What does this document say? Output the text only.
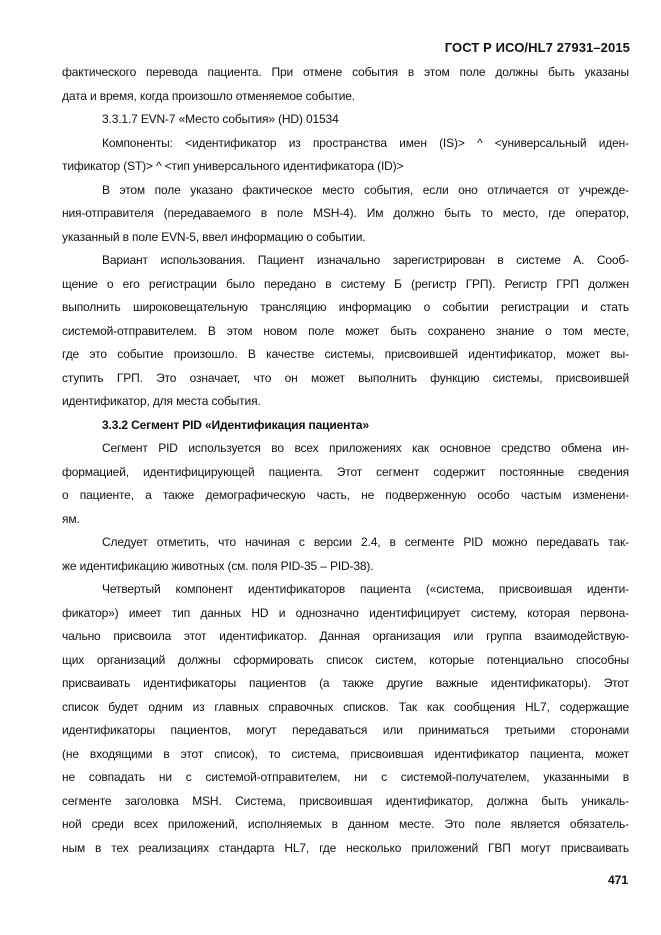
ГОСТ Р ИСО/HL7 27931–2015

фактического перевода пациента. При отмене события в этом поле должны быть указаны

дата и время, когда произошло отменяемое событие.

3.3.1.7 EVN-7 «Место события» (HD) 01534

Компоненты: <идентификатор из пространства имен (IS)> ^ <универсальный иден-

тификатор (ST)> ^ <тип универсального идентификатора (ID)>

В этом поле указано фактическое место события, если оно отличается от учрежде-

ния-отправителя (передаваемого в поле MSH-4). Им должно быть то место, где оператор,

указанный в поле EVN-5, ввел информацию о событии.

Вариант использования. Пациент изначально зарегистрирован в системе А. Сооб-

щение о его регистрации было передано в систему Б (регистр ГРП). Регистр ГРП должен

выполнить широковещательную трансляцию информацию о событии регистрации и стать

системой-отправителем. В этом новом поле может быть сохранено знание о том месте,

где это событие произошло. В качестве системы, присвоившей идентификатор, может вы-

ступить ГРП. Это означает, что он может выполнить функцию системы, присвоившей

идентификатор, для места события.

3.3.2 Сегмент PID «Идентификация пациента»

Сегмент PID используется во всех приложениях как основное средство обмена ин-

формацией, идентифицирующей пациента. Этот сегмент содержит постоянные сведения

о пациенте, а также демографическую часть, не подверженную особо частым изменени-

ям.

Следует отметить, что начиная с версии 2.4, в сегменте PID можно передавать так-

же идентификацию животных (см. поля PID-35 – PID-38).

Четвертый компонент идентификаторов пациента («система, присвоившая иденти-

фикатор») имеет тип данных HD и однозначно идентифицирует систему, которая первона-

чально присвоила этот идентификатор. Данная организация или группа взаимодействую-

щих организаций должны сформировать список систем, которые потенциально способны

присваивать идентификаторы пациентов (а также другие важные идентификаторы). Этот

список будет одним из главных справочных списков. Так как сообщения HL7, содержащие

идентификаторы пациентов, могут передаваться или приниматься третьими сторонами

(не входящими в этот список), то система, присвоившая идентификатор пациента, может

не совпадать ни с системой-отправителем, ни с системой-получателем, указанными в

сегменте заголовка MSH. Система, присвоившая идентификатор, должна быть уникаль-

ной среди всех приложений, исполняемых в данном месте. Это поле является обязатель-

ным в тех реализациях стандарта HL7, где несколько приложений ГВП могут присваивать

471
